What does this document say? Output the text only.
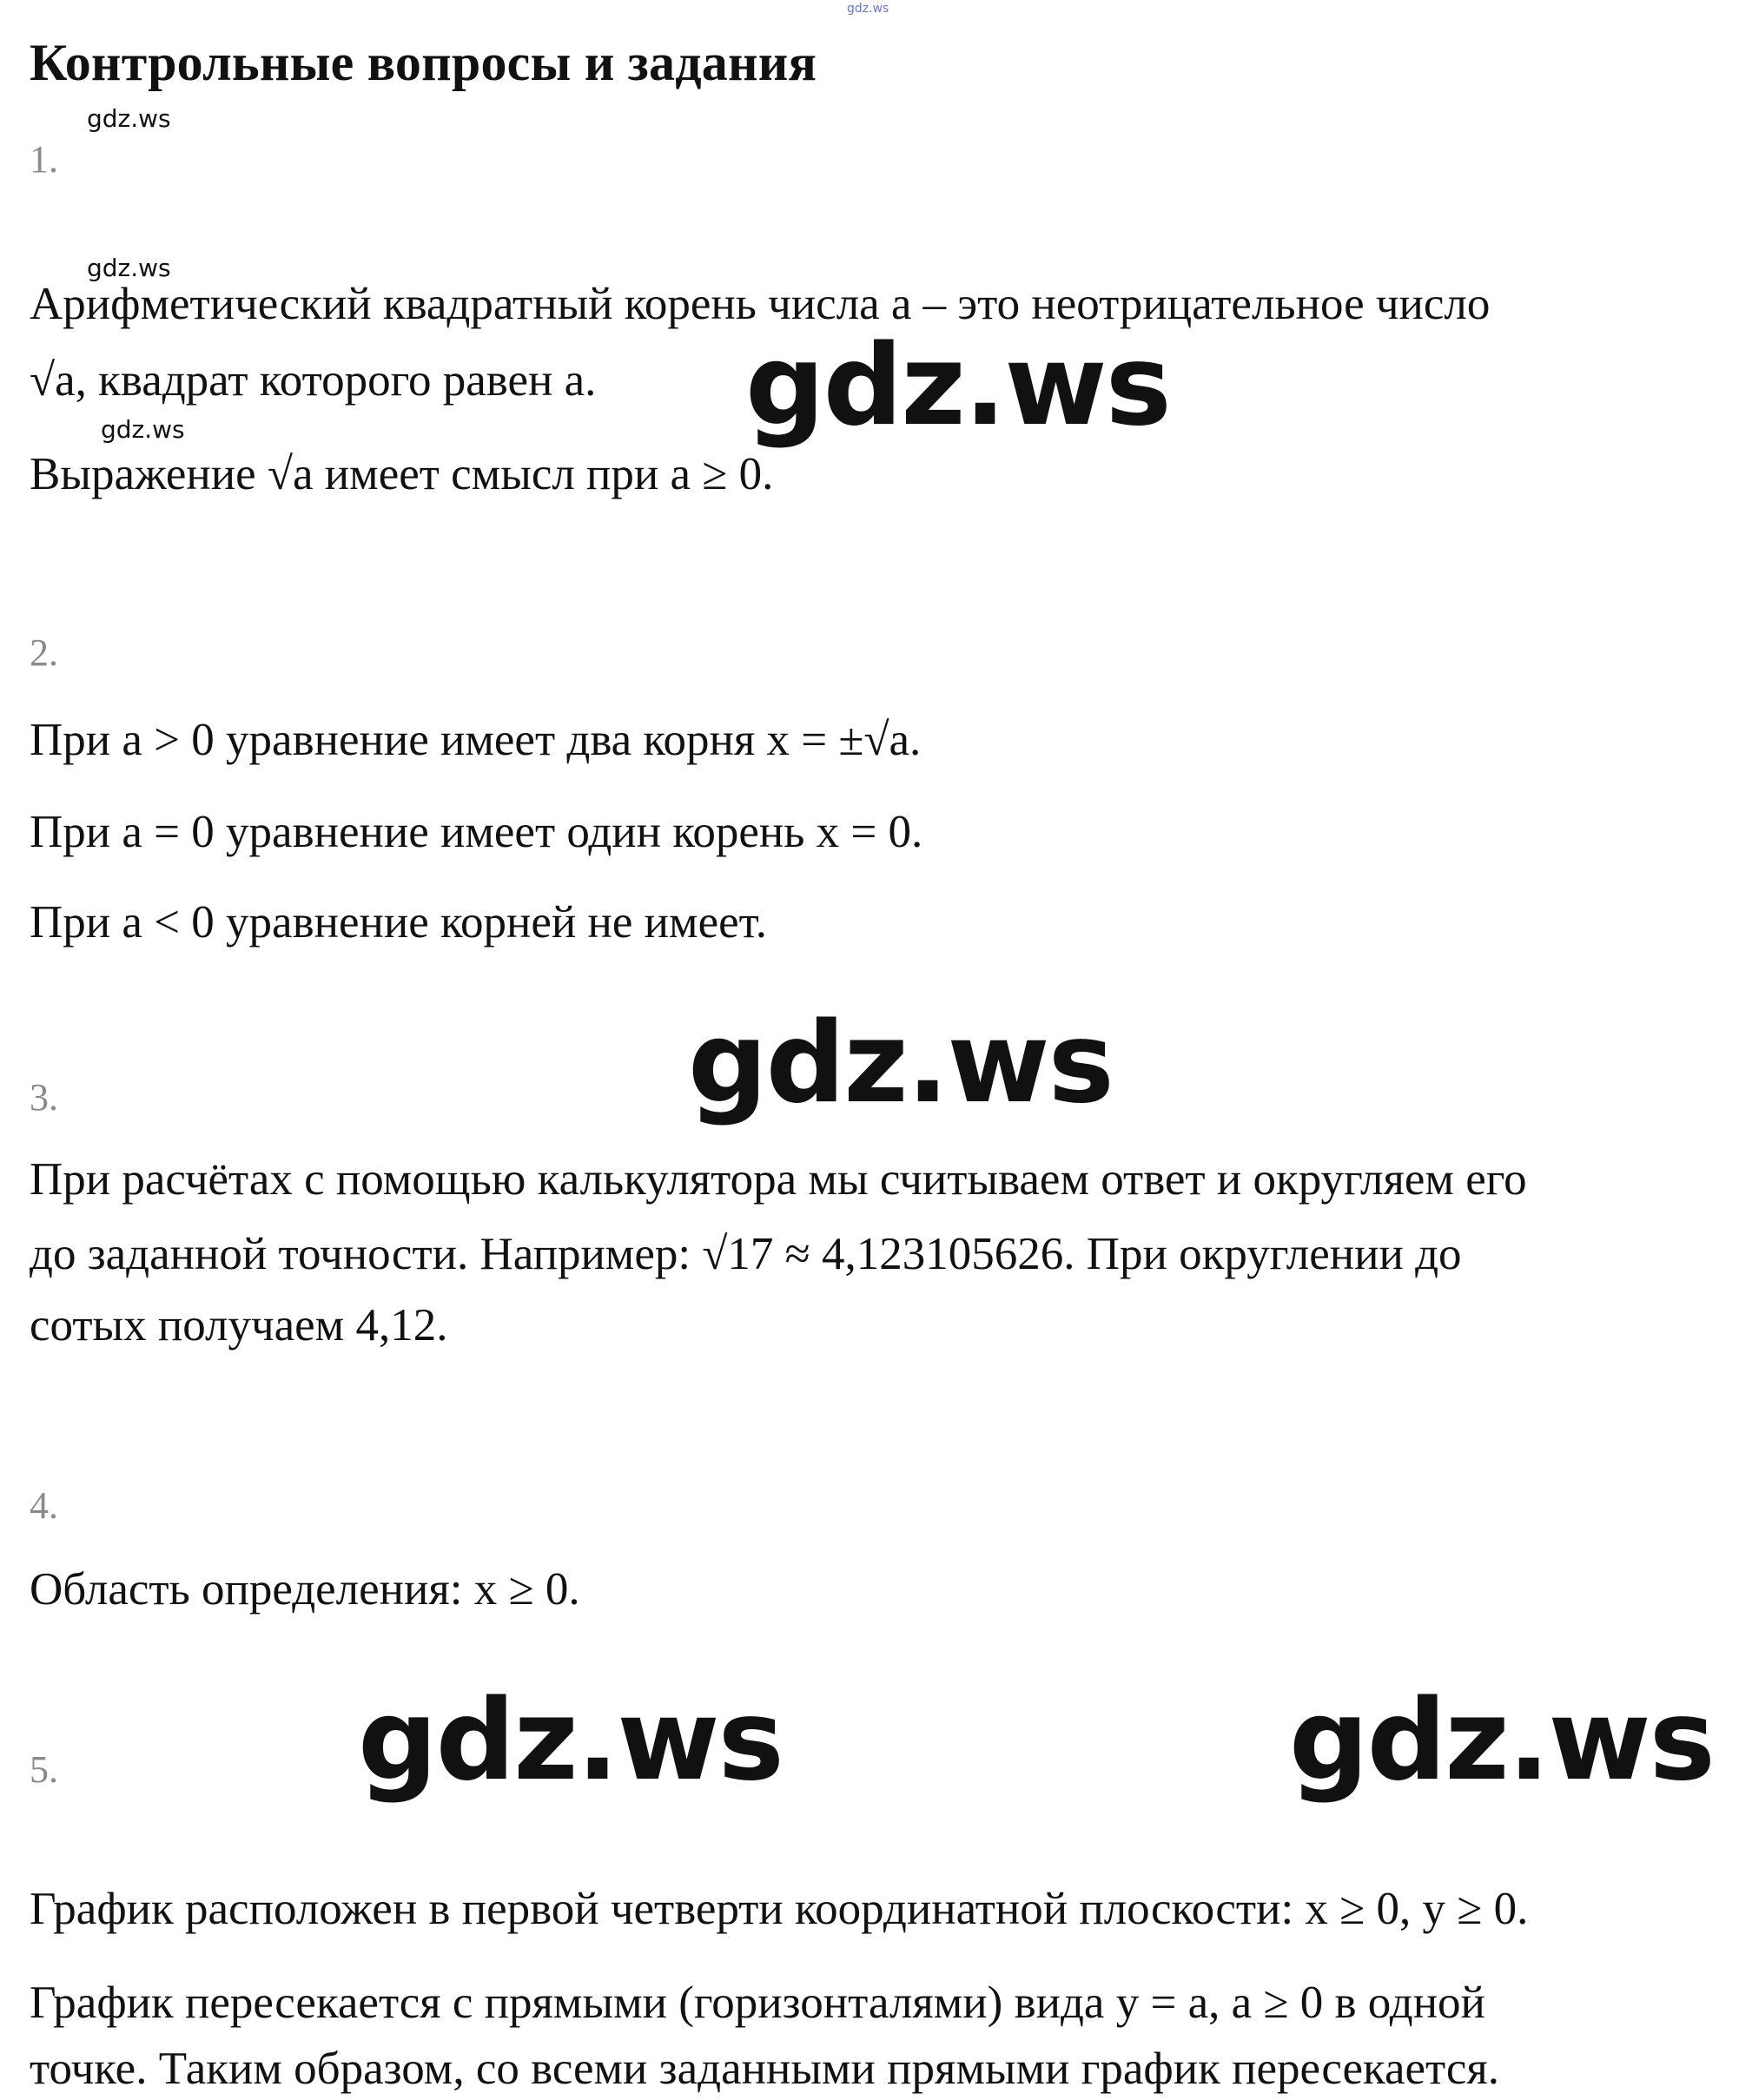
gdz.ws
Контрольные вопросы и задания
gdz.ws
gdz.ws
gdz.ws	gdz.ws
gdz.ws
gdz.ws	gdz.ws
1.
Арифметический квадратный корень числа a – это неотрицательное число
√a, квадрат которого равен a.
Выражение √a имеет смысл при a ≥ 0.
2.
При a > 0 уравнение имеет два корня x = ±√a.
При a = 0 уравнение имеет один корень x = 0.
При a < 0 уравнение корней не имеет.
3.
При расчётах с помощью калькулятора мы считываем ответ и округляем его
до заданной точности. Например: √17 ≈ 4,123105626. При округлении до
сотых получаем 4,12.
4.
Область определения: x ≥ 0.
5.
График расположен в первой четверти координатной плоскости: x ≥ 0, y ≥ 0.
График пересекается с прямыми (горизонталями) вида y = a, a ≥ 0 в одной
точке. Таким образом, со всеми заданными прямыми график пересекается.
